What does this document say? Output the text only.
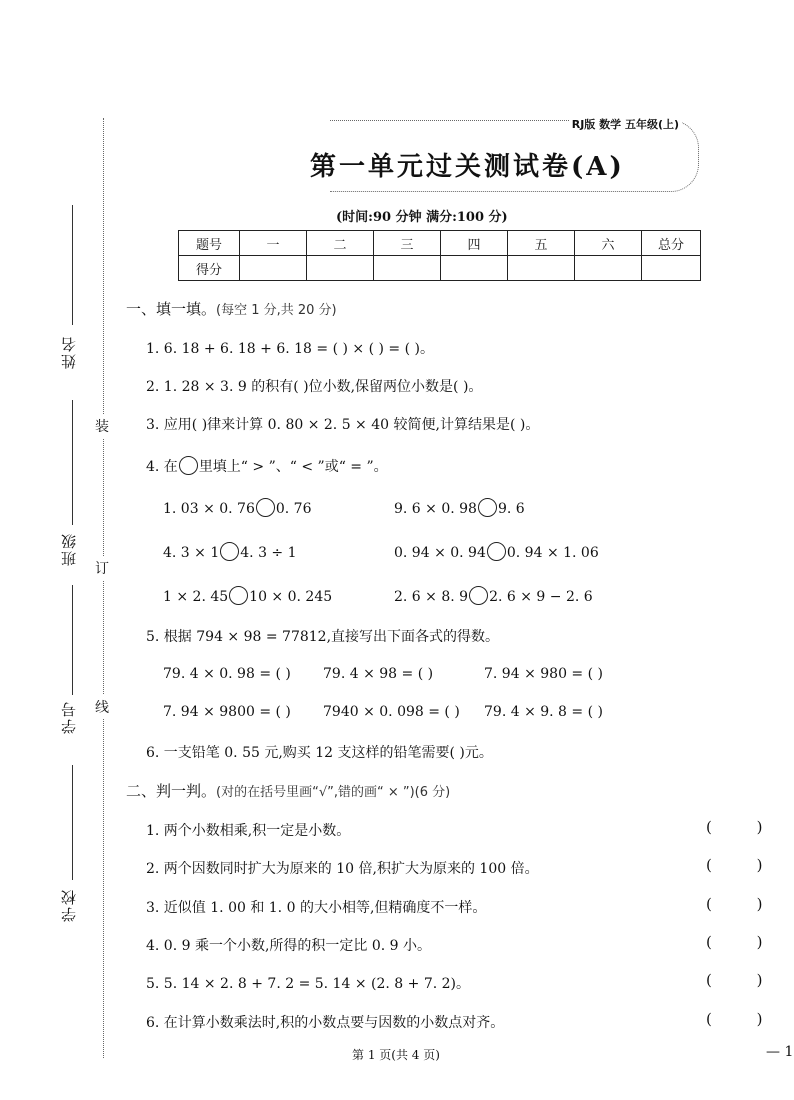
姓名
班级
学号
学校
装
订
线
RJ版 数学 五年级(上)
第一单元过关测试卷(A)
(时间:90 分钟 满分:100 分)
题号	一	二	三	四	五	六	总分
得分							
一、填一填。(每空 1 分,共 20 分)
1. 6. 18 + 6. 18 + 6. 18 = ( ) × ( ) = ( )。
2. 1. 28 × 3. 9 的积有( )位小数,保留两位小数是( )。
3. 应用( )律来计算 0. 80 × 2. 5 × 40 较简便,计算结果是( )。
4. 在 里填上“ > ”、“ < ”或“ = ”。
1. 03 × 0. 76 0. 76	9. 6 × 0. 98 9. 6
4. 3 × 1 4. 3 ÷ 1	0. 94 × 0. 94 0. 94 × 1. 06
1 × 2. 45 10 × 0. 245	2. 6 × 8. 9 2. 6 × 9 − 2. 6
5. 根据 794 × 98 = 77812,直接写出下面各式的得数。
79. 4 × 0. 98 = ( ) 79. 4 × 98 = ( )	7. 94 × 980 = ( )
7. 94 × 9800 = ( ) 7940 × 0. 098 = ( ) 79. 4 × 9. 8 = ( )
6. 一支铅笔 0. 55 元,购买 12 支这样的铅笔需要( )元。
二、判一判。(对的在括号里画“√”,错的画“ × ”)(6 分)
1. 两个小数相乘,积一定是小数。	( )
2. 两个因数同时扩大为原来的 10 倍,积扩大为原来的 100 倍。	( )
3. 近似值 1. 00 和 1. 0 的大小相等,但精确度不一样。	( )
4. 0. 9 乘一个小数,所得的积一定比 0. 9 小。	( )
5. 5. 14 × 2. 8 + 7. 2 = 5. 14 × (2. 8 + 7. 2)。	( )
6. 在计算小数乘法时,积的小数点要与因数的小数点对齐。	( )
第 1 页(共 4 页)	— 1
